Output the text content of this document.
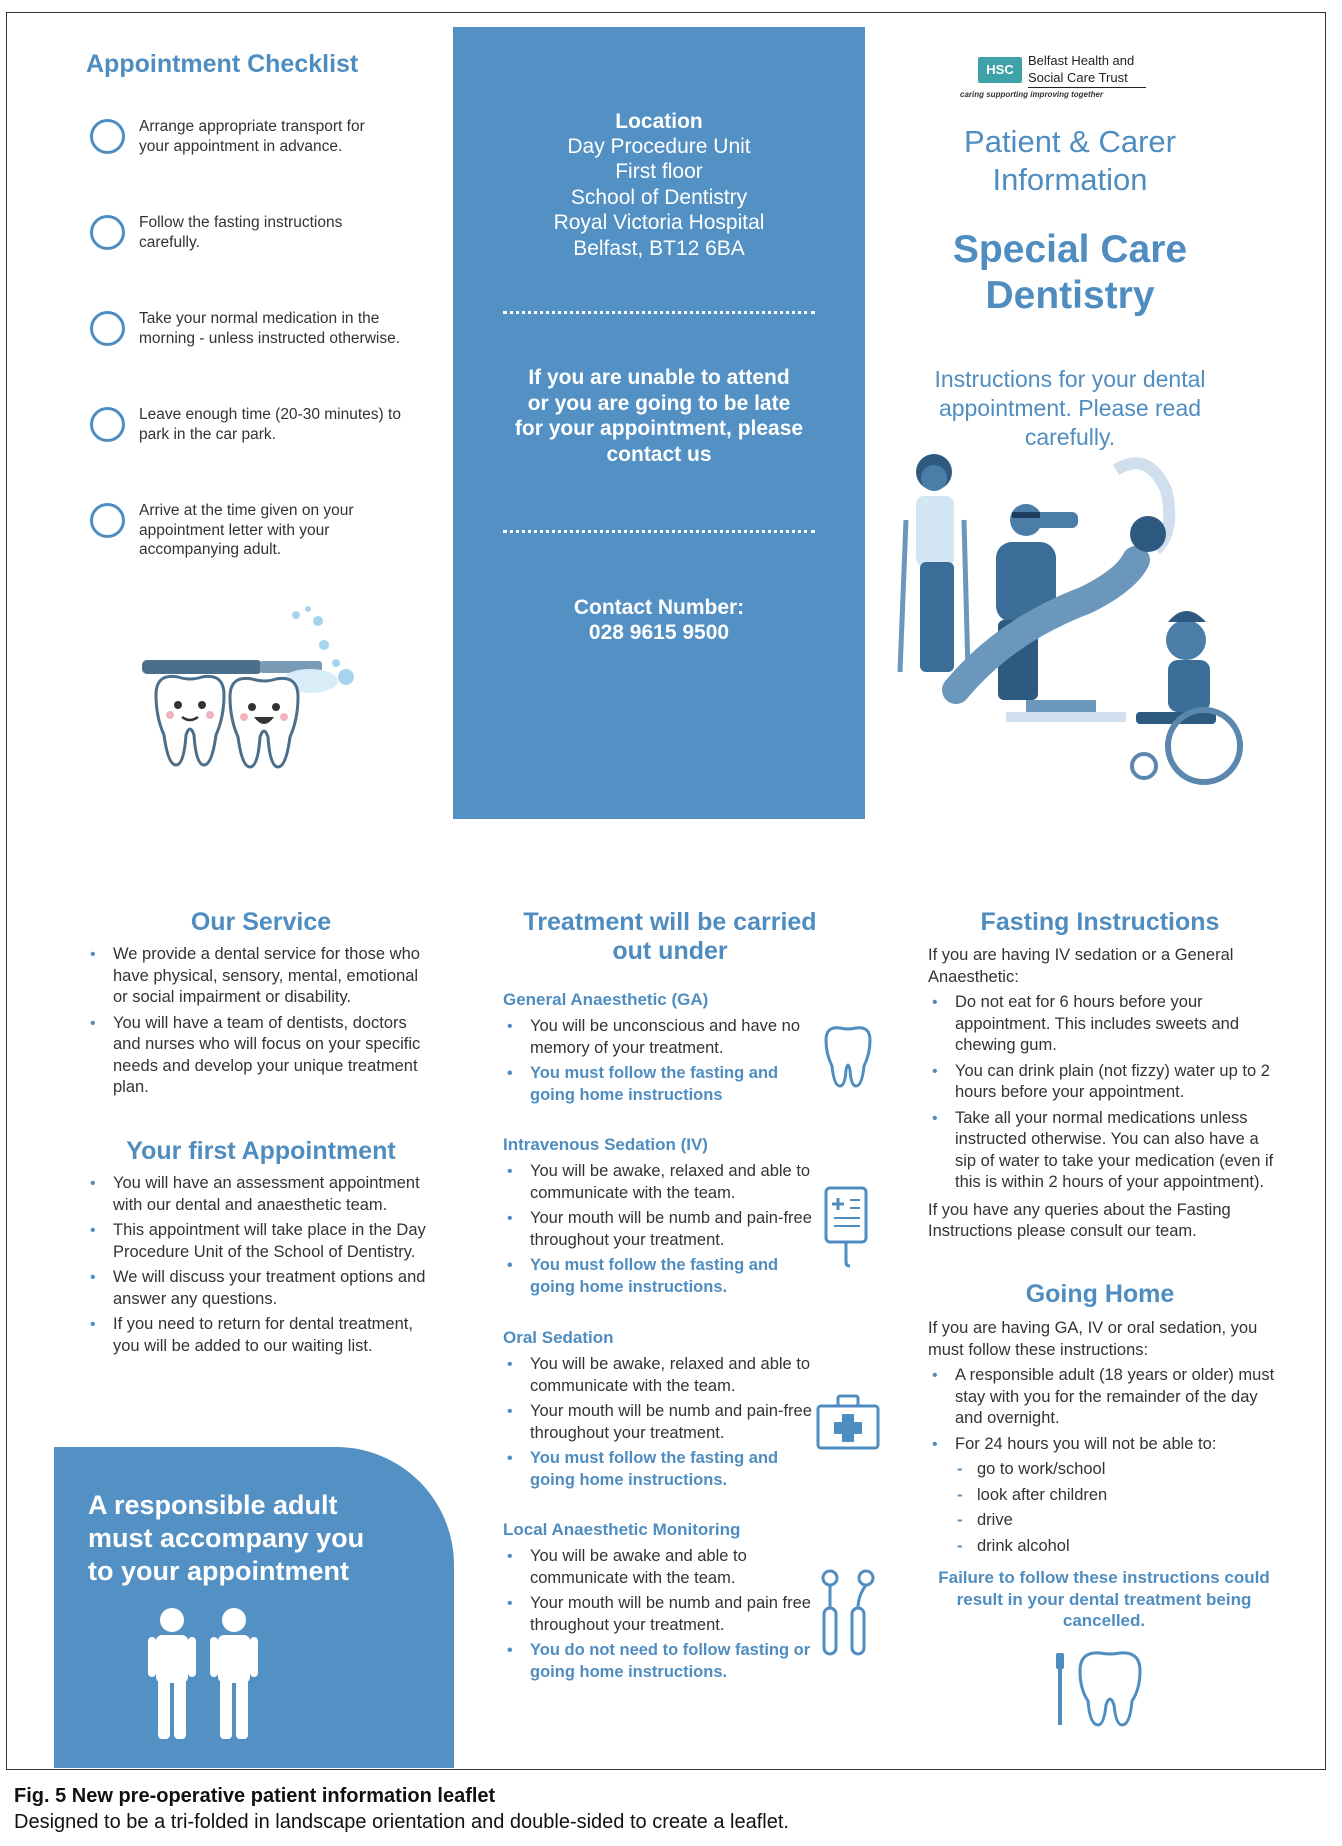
Appointment Checklist
Arrange appropriate transport for
your appointment in advance.
Follow the fasting instructions
carefully.
Take your normal medication in the
morning - unless instructed otherwise.
Leave enough time (20-30 minutes) to
park in the car park.
Arrive at the time given on your
appointment letter with your
accompanying adult.
Location
Day Procedure Unit
First floor
School of Dentistry
Royal Victoria Hospital
Belfast, BT12 6BA
If you are unable to attend
or you are going to be late
for your appointment, please
contact us
Contact Number:
028 9615 9500
HSC
Belfast Health and
Social Care Trust
caring supporting improving together
Patient & Carer
Information
Special Care
Dentistry
Instructions for your dental
appointment. Please read
carefully.
Our Service
• We provide a dental service for those who have physical, sensory, mental, emotional or social impairment or disability.
• You will have a team of dentists, doctors and nurses who will focus on your specific needs and develop your unique treatment plan.
Your first Appointment
• You will have an assessment appointment with our dental and anaesthetic team.
• This appointment will take place in the Day Procedure Unit of the School of Dentistry.
• We will discuss your treatment options and answer any questions.
• If you need to return for dental treatment, you will be added to our waiting list.
A responsible adult must accompany you to your appointment
Treatment will be carried
out under
General Anaesthetic (GA)
• You will be unconscious and have no memory of your treatment.
• You must follow the fasting and going home instructions
Intravenous Sedation (IV)
• You will be awake, relaxed and able to communicate with the team.
• Your mouth will be numb and pain-free throughout your treatment.
• You must follow the fasting and going home instructions.
Oral Sedation
• You will be awake, relaxed and able to communicate with the team.
• Your mouth will be numb and pain-free throughout your treatment.
• You must follow the fasting and going home instructions.
Local Anaesthetic Monitoring
• You will be awake and able to communicate with the team.
• Your mouth will be numb and pain free throughout your treatment.
• You do not need to follow fasting or going home instructions.
Fasting Instructions
If you are having IV sedation or a General Anaesthetic:
• Do not eat for 6 hours before your appointment. This includes sweets and chewing gum.
• You can drink plain (not fizzy) water up to 2 hours before your appointment.
• Take all your normal medications unless instructed otherwise. You can also have a sip of water to take your medication (even if this is within 2 hours of your appointment).
If you have any queries about the Fasting Instructions please consult our team.
Going Home
If you are having GA, IV or oral sedation, you must follow these instructions:
• A responsible adult (18 years or older) must stay with you for the remainder of the day and overnight.
• For 24 hours you will not be able to:
- go to work/school
- look after children
- drive
- drink alcohol
Failure to follow these instructions could result in your dental treatment being cancelled.
Fig. 5 New pre-operative patient information leaflet
Designed to be a tri-folded in landscape orientation and double-sided to create a leaflet.
